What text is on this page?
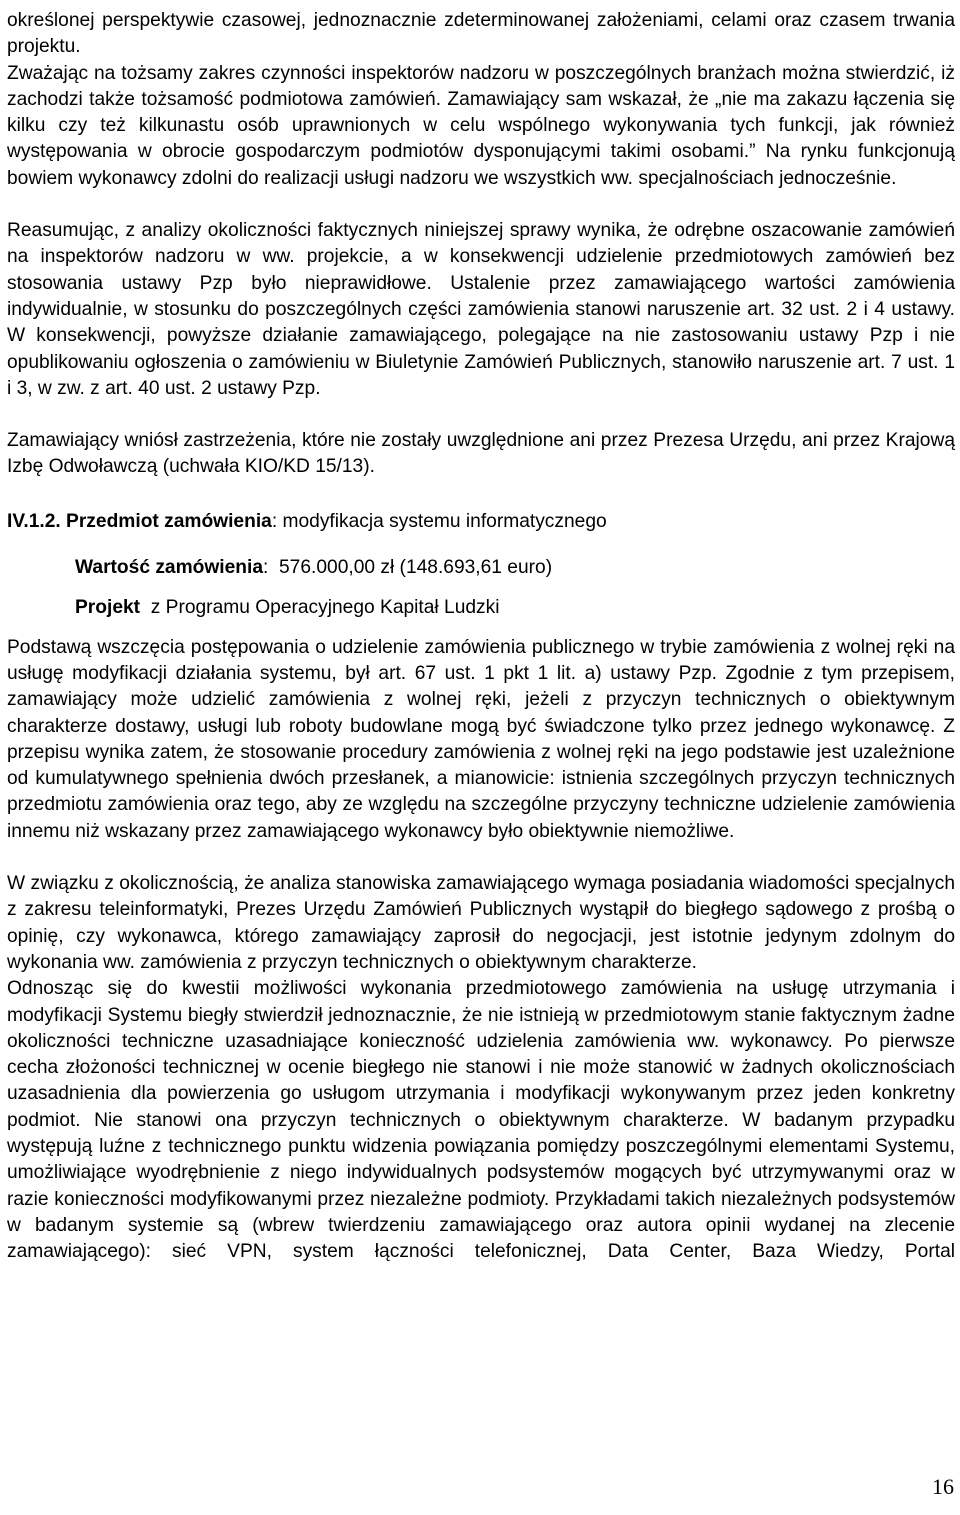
określonej perspektywie czasowej, jednoznacznie zdeterminowanej założeniami, celami oraz czasem trwania projektu.

Zważając na tożsamy zakres czynności inspektorów nadzoru w poszczególnych branżach można stwierdzić, iż zachodzi także tożsamość podmiotowa zamówień. Zamawiający sam wskazał, że „nie ma zakazu łączenia się kilku czy też kilkunastu osób uprawnionych w celu wspólnego wykonywania tych funkcji, jak również występowania w obrocie gospodarczym podmiotów dysponującymi takimi osobami.” Na rynku funkcjonują bowiem wykonawcy zdolni do realizacji usługi nadzoru we wszystkich ww. specjalnościach jednocześnie.

Reasumując, z analizy okoliczności faktycznych niniejszej sprawy wynika, że odrębne oszacowanie zamówień na inspektorów nadzoru w ww. projekcie, a w konsekwencji udzielenie przedmiotowych zamówień bez stosowania ustawy Pzp było nieprawidłowe. Ustalenie przez zamawiającego wartości zamówienia indywidualnie, w stosunku do poszczególnych części zamówienia stanowi naruszenie art. 32 ust. 2 i 4 ustawy. W konsekwencji, powyższe działanie zamawiającego, polegające na nie zastosowaniu ustawy Pzp i nie opublikowaniu ogłoszenia o zamówieniu w Biuletynie Zamówień Publicznych, stanowiło naruszenie art. 7 ust. 1 i 3, w zw. z art. 40 ust. 2 ustawy Pzp.

Zamawiający wniósł zastrzeżenia, które nie zostały uwzględnione ani przez Prezesa Urzędu, ani przez Krajową Izbę Odwoławczą (uchwała KIO/KD 15/13).

IV.1.2. Przedmiot zamówienia: modyfikacja systemu informatycznego

Wartość zamówienia:  576.000,00 zł (148.693,61 euro)

Projekt  z Programu Operacyjnego Kapitał Ludzki

Podstawą wszczęcia postępowania o udzielenie zamówienia publicznego w trybie zamówienia z wolnej ręki na usługę modyfikacji działania systemu, był art. 67 ust. 1 pkt 1 lit. a) ustawy Pzp. Zgodnie z tym przepisem, zamawiający może udzielić zamówienia z wolnej ręki, jeżeli z przyczyn technicznych o obiektywnym charakterze dostawy, usługi lub roboty budowlane mogą być świadczone tylko przez jednego wykonawcę. Z przepisu wynika zatem, że stosowanie procedury zamówienia z wolnej ręki na jego podstawie jest uzależnione od kumulatywnego spełnienia dwóch przesłanek, a mianowicie: istnienia szczególnych przyczyn technicznych przedmiotu zamówienia oraz tego, aby ze względu na szczególne przyczyny techniczne udzielenie zamówienia innemu niż wskazany przez zamawiającego wykonawcy było obiektywnie niemożliwe.

W związku z okolicznością, że analiza stanowiska zamawiającego wymaga posiadania wiadomości specjalnych z zakresu teleinformatyki, Prezes Urzędu Zamówień Publicznych wystąpił do biegłego sądowego z prośbą o opinię, czy wykonawca, którego zamawiający zaprosił do negocjacji, jest istotnie jedynym zdolnym do wykonania ww. zamówienia z przyczyn technicznych o obiektywnym charakterze.

Odnosząc się do kwestii możliwości wykonania przedmiotowego zamówienia na usługę utrzymania i modyfikacji Systemu biegły stwierdził jednoznacznie, że nie istnieją w przedmiotowym stanie faktycznym żadne okoliczności techniczne uzasadniające konieczność udzielenia zamówienia ww. wykonawcy. Po pierwsze cecha złożoności technicznej w ocenie biegłego nie stanowi i nie może stanowić w żadnych okolicznościach uzasadnienia dla powierzenia go usługom utrzymania i modyfikacji wykonywanym przez jeden konkretny podmiot. Nie stanowi ona przyczyn technicznych o obiektywnym charakterze. W badanym przypadku występują luźne z technicznego punktu widzenia powiązania pomiędzy poszczególnymi elementami Systemu, umożliwiające wyodrębnienie z niego indywidualnych podsystemów mogących być utrzymywanymi oraz w razie konieczności modyfikowanymi przez niezależne podmioty. Przykładami takich niezależnych podsystemów w badanym systemie są (wbrew twierdzeniu zamawiającego oraz autora opinii wydanej na zlecenie zamawiającego): sieć VPN, system łączności telefonicznej, Data Center, Baza Wiedzy, Portal

16
